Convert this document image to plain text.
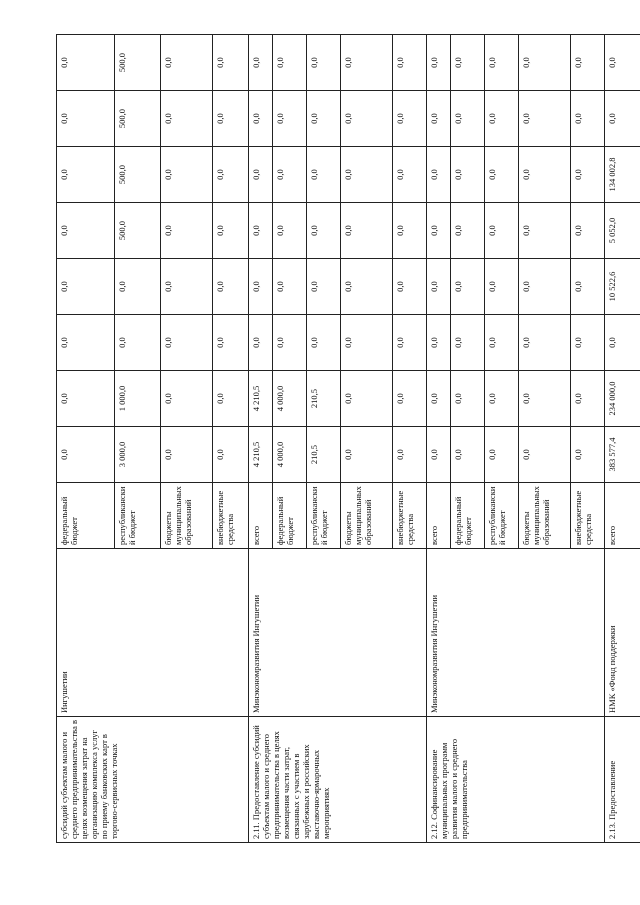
субсидий субъектам малого и среднего предпринимательства в целях возмещения затрат на организацию комплекса услуг по приему банковских карт в торгово-сервисных точках	Ингушетии	федеральный бюджет	0,0	0,0	0,0	0,0	0,0	0,0	0,0	0,0
		республиканский бюджет	3 000,0	1 000,0	0,0	0,0	500,0	500,0	500,0	500,0
		бюджеты муниципальных образований	0,0	0,0	0,0	0,0	0,0	0,0	0,0	0,0
		внебюджетные средства	0,0	0,0	0,0	0,0	0,0	0,0	0,0	0,0
2.11. Предоставление субсидий субъектам малого и среднего предпринимательства в целях возмещения части затрат, связанных с участием в зарубежных и российских выставочно-ярмарочных мероприятиях	Минэкономразвития Ингушетии	всего	4 210,5	4 210,5	0,0	0,0	0,0	0,0	0,0	0,0
		федеральный бюджет	4 000,0	4 000,0	0,0	0,0	0,0	0,0	0,0	0,0
		республиканский бюджет	210,5	210,5	0,0	0,0	0,0	0,0	0,0	0,0
		бюджеты муниципальных образований	0,0	0,0	0,0	0,0	0,0	0,0	0,0	0,0
		внебюджетные средства	0,0	0,0	0,0	0,0	0,0	0,0	0,0	0,0
2.12. Софинансирование муниципальных программ развития малого и среднего предпринимательства	Минэкономразвития Ингушетии	всего	0,0	0,0	0,0	0,0	0,0	0,0	0,0	0,0
		федеральный бюджет	0,0	0,0	0,0	0,0	0,0	0,0	0,0	0,0
		республиканский бюджет	0,0	0,0	0,0	0,0	0,0	0,0	0,0	0,0
		бюджеты муниципальных образований	0,0	0,0	0,0	0,0	0,0	0,0	0,0	0,0
		внебюджетные средства	0,0	0,0	0,0	0,0	0,0	0,0	0,0	0,0
2.13. Предоставление	НМК «Фонд поддержки	всего	383 577,4	234 000,0	0,0	10 522,6	5 052,0	134 002,8	0,0	0,0
